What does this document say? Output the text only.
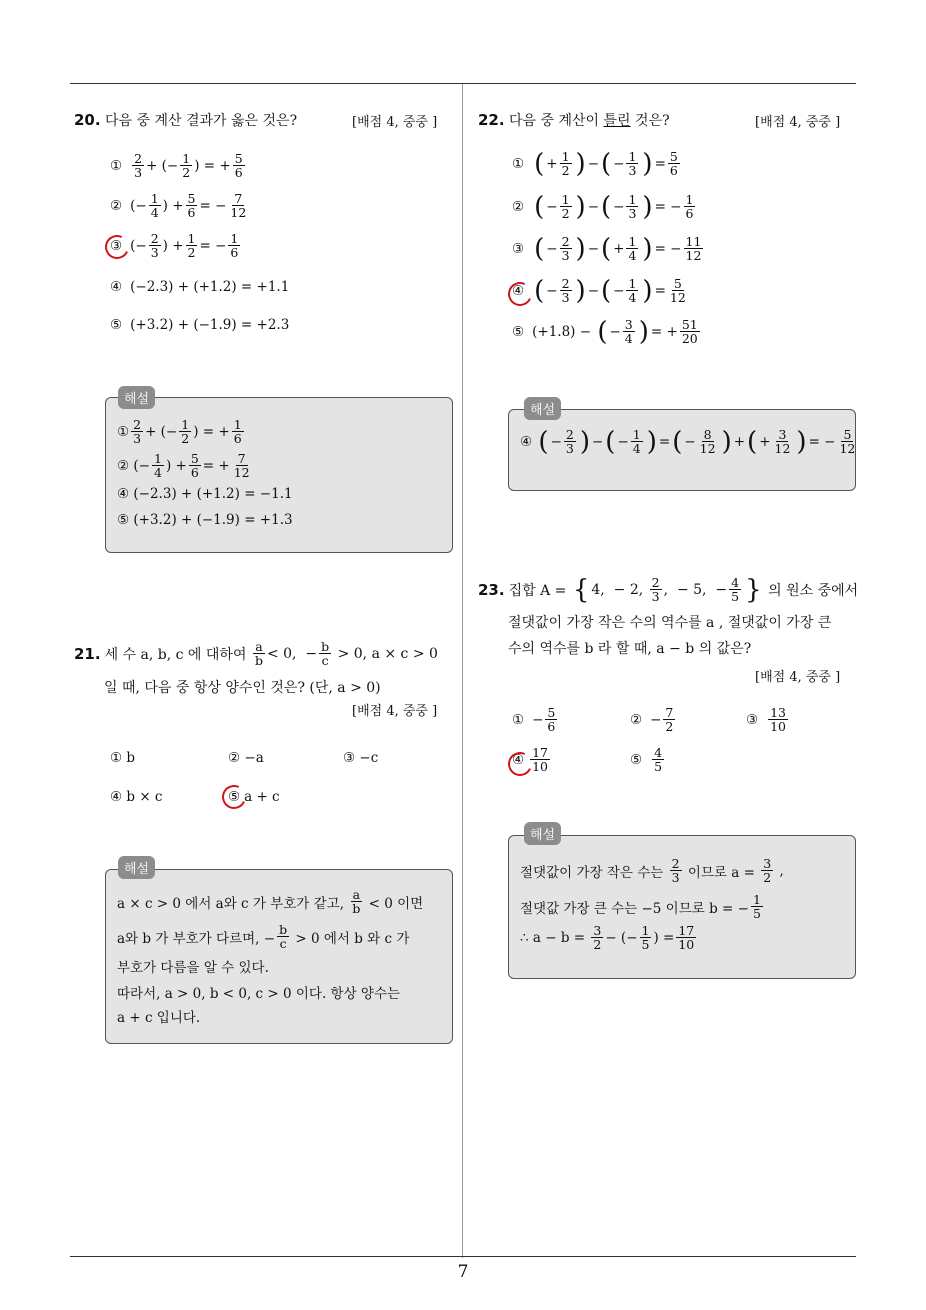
7
20. 다음 중 계산 결과가 옳은 것은?	[배점 4, 중중 ]
① $\frac{2}{3}$ + (− $\frac{1}{2}$ ) = + $\frac{5}{6}$
② (− $\frac{1}{4}$ ) + $\frac{5}{6}$ = − $\frac{7}{12}$
③ (− $\frac{2}{3}$ ) + $\frac{1}{2}$ = − $\frac{1}{6}$
④ (−2.3) + (+1.2) = +1.1
⑤ (+3.2) + (−1.9) = +2.3
해설
① $\frac{2}{3}$ + (− $\frac{1}{2}$ ) = + $\frac{1}{6}$
② (− $\frac{1}{4}$ ) + $\frac{5}{6}$ = + $\frac{7}{12}$
④ (−2.3) + (+1.2) = −1.1
⑤ (+3.2) + (−1.9) = +1.3
21. 세 수 a, b, c 에 대하여
$\frac{a}{b} < 0$,  − $\frac{b}{c}$
> 0, a × c > 0
일 때, 다음 중 항상 양수인 것은? (단, a > 0)
[배점 4, 중중 ]
① b	② −a	③ −c
④ b × c	⑤ a + c
해설
a × c > 0 에서 a와 c 가 부호가 같고,
$\frac{a}{b}$
< 0 이면
a와 b 가 부호가 다르며, − $\frac{b}{c}$
> 0 에서 b 와 c 가
부호가 다름을 알 수 있다.
따라서, a > 0, b < 0, c > 0 이다. 항상 양수는
a + c 입니다.
22. 다음 중 계산이 틀린 것은?	[배점 4, 중중 ]
① ( + $\frac{1}{2}$ ) − ( − $\frac{1}{3}$ ) = $\frac{5}{6}$
② ( − $\frac{1}{2}$ ) − ( − $\frac{1}{3}$ ) = − $\frac{1}{6}$
③ ( − $\frac{2}{3}$ ) − ( + $\frac{1}{4}$ ) = − $\frac{11}{12}$
④ ( − $\frac{2}{3}$ ) − ( − $\frac{1}{4}$ ) = $\frac{5}{12}$
⑤ (+1.8) −
( − $\frac{3}{4}$ ) = + $\frac{51}{20}$
해설
④
( − $\frac{2}{3}$ ) − ( − $\frac{1}{4}$ ) = ( − $\frac{8}{12}$ ) + ( + $\frac{3}{12}$ ) = − $\frac{5}{12}$
23. 집합 A =
{ 4,
− 2,
$\frac{2}{3}$ , − 5, − $\frac{4}{5}$ }
의 원소 중에서
절댓값이 가장 작은 수의 역수를 a , 절댓값이 가장 큰
수의 역수를 b 라 할 때, a − b 의 값은?
[배점 4, 중중 ]
① − $\frac{5}{6}$	② − $\frac{7}{2}$	③ $\frac{13}{10}$
④ $\frac{17}{10}$	⑤ $\frac{4}{5}$
해설
절댓값이 가장 작은 수는
$\frac{2}{3}$
이므로 a =
$\frac{3}{2}$
,
절댓값 가장 큰 수는 −5 이므로 b = − $\frac{1}{5}$
∴ a − b =
$\frac{3}{2}$ − (− $\frac{1}{5}$ ) = $\frac{17}{10}$
